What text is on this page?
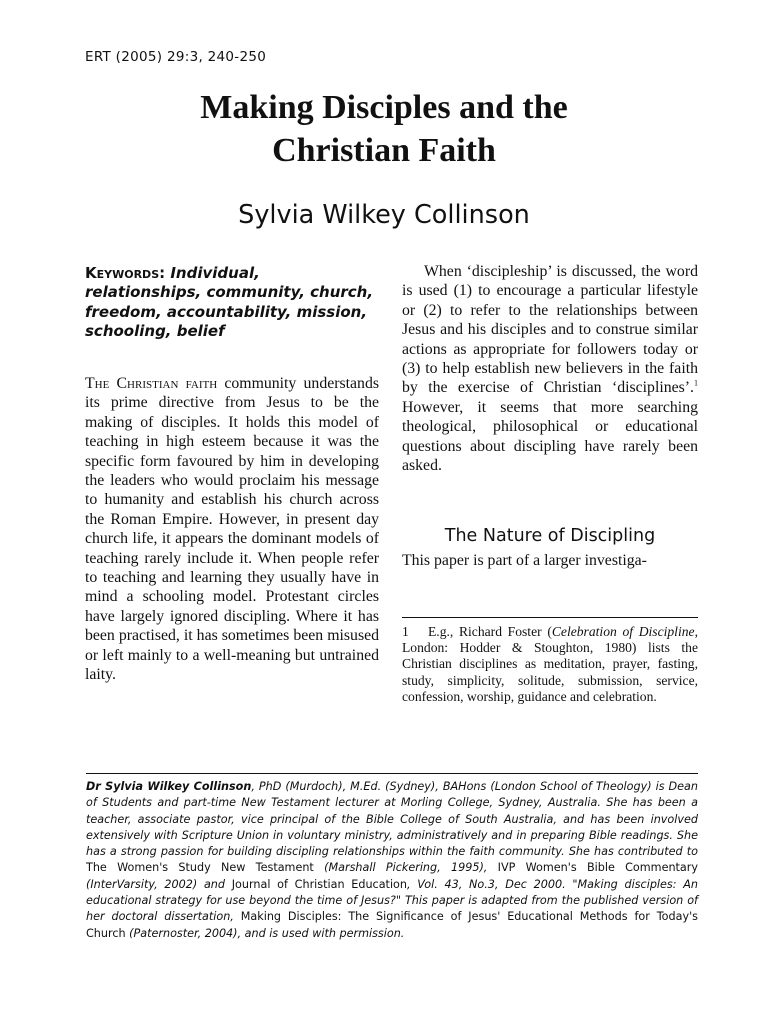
ERT (2005) 29:3, 240-250
Making Disciples and the
Christian Faith
Sylvia Wilkey Collinson
Keywords: Individual, relationships, community, church, freedom, accountability, mission, schooling, belief

The Christian faith community understands its prime directive from Jesus to be the making of disciples. It holds this model of teaching in high esteem because it was the specific form favoured by him in developing the leaders who would proclaim his message to humanity and establish his church across the Roman Empire. However, in present day church life, it appears the dominant models of teaching rarely include it. When people refer to teaching and learning they usually have in mind a schooling model. Protestant circles have largely ignored discipling. Where it has been practised, it has sometimes been misused or left mainly to a well-meaning but untrained laity.

When ‘discipleship’ is discussed, the word is used (1) to encourage a particular lifestyle or (2) to refer to the relationships between Jesus and his disciples and to construe similar actions as appropriate for followers today or (3) to help establish new believers in the faith by the exercise of Christian ‘disciplines’.$^1$ However, it seems that more searching theological, philosophical or educational questions about discipling have rarely been asked.

The Nature of Discipling

This paper is part of a larger investiga-

1 E.g., Richard Foster (Celebration of Discipline, London: Hodder & Stoughton, 1980) lists the Christian disciplines as meditation, prayer, fasting, study, simplicity, solitude, submission, service, confession, worship, guidance and celebration.
Dr Sylvia Wilkey Collinson, PhD (Murdoch), M.Ed. (Sydney), BAHons (London School of Theology) is Dean of Students and part-time New Testament lecturer at Morling College, Sydney, Australia. She has been a teacher, associate pastor, vice principal of the Bible College of South Australia, and has been involved extensively with Scripture Union in voluntary ministry, administratively and in preparing Bible readings. She has a strong passion for building discipling relationships within the faith community. She has contributed to The Women's Study New Testament (Marshall Pickering, 1995), IVP Women's Bible Commentary (InterVarsity, 2002) and Journal of Christian Education, Vol. 43, No.3, Dec 2000. "Making disciples: An educational strategy for use beyond the time of Jesus?" This paper is adapted from the published version of her doctoral dissertation, Making Disciples: The Significance of Jesus' Educational Methods for Today's Church (Paternoster, 2004), and is used with permission.
